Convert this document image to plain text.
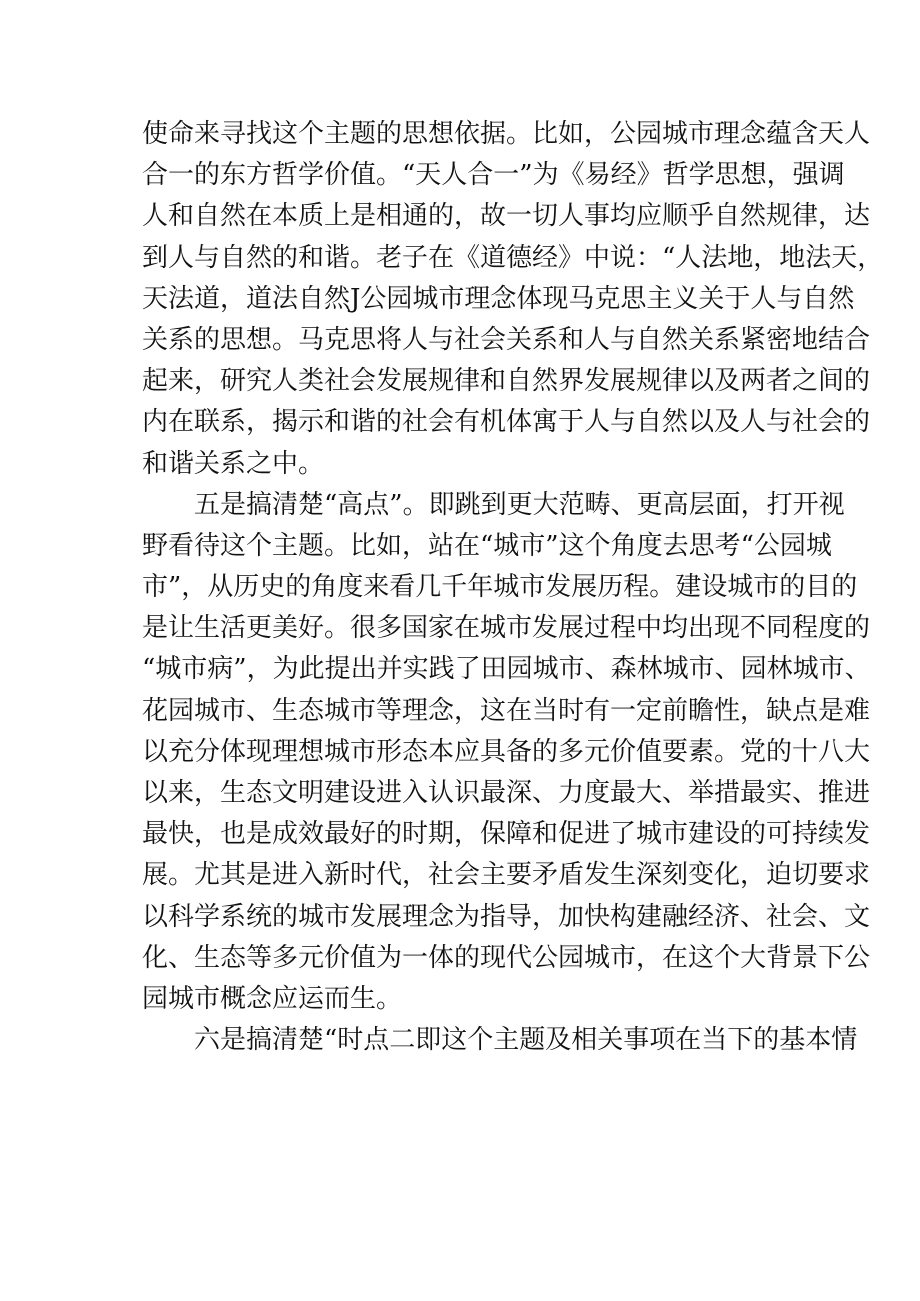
使命来寻找这个主题的思想依据。比如，公园城市理念蕴含天人
合一的东方哲学价值。“天人合一”为《易经》哲学思想，强调
人和自然在本质上是相通的，故一切人事均应顺乎自然规律，达
到人与自然的和谐。老子在《道德经》中说：“人法地，地法天，
天法道，道法自然J公园城市理念体现马克思主义关于人与自然
关系的思想。马克思将人与社会关系和人与自然关系紧密地结合
起来，研究人类社会发展规律和自然界发展规律以及两者之间的
内在联系，揭示和谐的社会有机体寓于人与自然以及人与社会的
和谐关系之中。
五是搞清楚“高点”。即跳到更大范畴、更高层面，打开视
野看待这个主题。比如，站在“城市”这个角度去思考“公园城
市”，从历史的角度来看几千年城市发展历程。建设城市的目的
是让生活更美好。很多国家在城市发展过程中均出现不同程度的
“城市病”，为此提出并实践了田园城市、森林城市、园林城市、
花园城市、生态城市等理念，这在当时有一定前瞻性，缺点是难
以充分体现理想城市形态本应具备的多元价值要素。党的十八大
以来，生态文明建设进入认识最深、力度最大、举措最实、推进
最快，也是成效最好的时期，保障和促进了城市建设的可持续发
展。尤其是进入新时代，社会主要矛盾发生深刻变化，迫切要求
以科学系统的城市发展理念为指导，加快构建融经济、社会、文
化、生态等多元价值为一体的现代公园城市，在这个大背景下公
园城市概念应运而生。
六是搞清楚“时点二即这个主题及相关事项在当下的基本情
